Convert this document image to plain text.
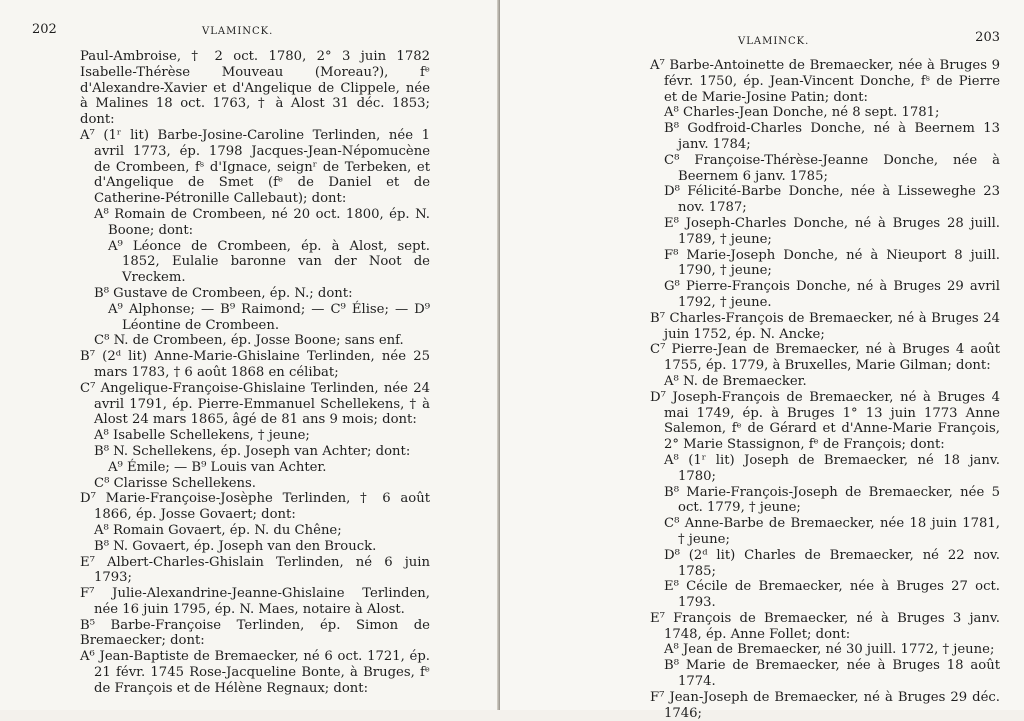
202	VLAMINCK.

Paul-Ambroise, † 2 oct. 1780, 2° 3 juin 1782 Isabelle-Thérèse Mouveau (Moreau?), fᵉ d'Alexandre-Xavier et d'Angelique de Clippele, née à Malines 18 oct. 1763, † à Alost 31 déc. 1853; dont:

A⁷ (1ʳ lit) Barbe-Josine-Caroline Terlinden, née 1 avril 1773, ép. 1798 Jacques-Jean-Népomucène de Crombeen, fˢ d'Ignace, seignʳ de Terbeken, et d'Angelique de Smet (fᵉ de Daniel et de Catherine-Pétronille Callebaut); dont:

A⁸ Romain de Crombeen, né 20 oct. 1800, ép. N. Boone; dont:

A⁹ Léonce de Crombeen, ép. à Alost, sept. 1852, Eulalie baronne van der Noot de Vreckem.

B⁸ Gustave de Crombeen, ép. N.; dont:

A⁹ Alphonse; — B⁹ Raimond; — C⁹ Élise; — D⁹ Léontine de Crombeen.

C⁸ N. de Crombeen, ép. Josse Boone; sans enf.

B⁷ (2ᵈ lit) Anne-Marie-Ghislaine Terlinden, née 25 mars 1783, † 6 août 1868 en célibat;

C⁷ Angelique-Françoise-Ghislaine Terlinden, née 24 avril 1791, ép. Pierre-Emmanuel Schellekens, † à Alost 24 mars 1865, âgé de 81 ans 9 mois; dont:

A⁸ Isabelle Schellekens, † jeune;

B⁸ N. Schellekens, ép. Joseph van Achter; dont:

A⁹ Émile; — B⁹ Louis van Achter.

C⁸ Clarisse Schellekens.

D⁷ Marie-Françoise-Josèphe Terlinden, † 6 août 1866, ép. Josse Govaert; dont:

A⁸ Romain Govaert, ép. N. du Chêne;

B⁸ N. Govaert, ép. Joseph van den Brouck.

E⁷ Albert-Charles-Ghislain Terlinden, né 6 juin 1793;

F⁷ Julie-Alexandrine-Jeanne-Ghislaine Terlinden, née 16 juin 1795, ép. N. Maes, notaire à Alost.

B⁵ Barbe-Françoise Terlinden, ép. Simon de Bremaecker; dont:

A⁶ Jean-Baptiste de Bremaecker, né 6 oct. 1721, ép. 21 févr. 1745 Rose-Jacqueline Bonte, à Bruges, fᵉ de François et de Hélène Regnaux; dont:

VLAMINCK.	203

A⁷ Barbe-Antoinette de Bremaecker, née à Bruges 9 févr. 1750, ép. Jean-Vincent Donche, fˢ de Pierre et de Marie-Josine Patin; dont:

A⁸ Charles-Jean Donche, né 8 sept. 1781;

B⁸ Godfroid-Charles Donche, né à Beernem 13 janv. 1784;

C⁸ Françoise-Thérèse-Jeanne Donche, née à Beernem 6 janv. 1785;

D⁸ Félicité-Barbe Donche, née à Lisseweghe 23 nov. 1787;

E⁸ Joseph-Charles Donche, né à Bruges 28 juill. 1789, † jeune;

F⁸ Marie-Joseph Donche, né à Nieuport 8 juill. 1790, † jeune;

G⁸ Pierre-François Donche, né à Bruges 29 avril 1792, † jeune.

B⁷ Charles-François de Bremaecker, né à Bruges 24 juin 1752, ép. N. Ancke;

C⁷ Pierre-Jean de Bremaecker, né à Bruges 4 août 1755, ép. 1779, à Bruxelles, Marie Gilman; dont:

A⁸ N. de Bremaecker.

D⁷ Joseph-François de Bremaecker, né à Bruges 4 mai 1749, ép. à Bruges 1° 13 juin 1773 Anne Salemon, fᵉ de Gérard et d'Anne-Marie François, 2° Marie Stassignon, fᵉ de François; dont:

A⁸ (1ʳ lit) Joseph de Bremaecker, né 18 janv. 1780;

B⁸ Marie-François-Joseph de Bremaecker, née 5 oct. 1779, † jeune;

C⁸ Anne-Barbe de Bremaecker, née 18 juin 1781, † jeune;

D⁸ (2ᵈ lit) Charles de Bremaecker, né 22 nov. 1785;

E⁸ Cécile de Bremaecker, née à Bruges 27 oct. 1793.

E⁷ François de Bremaecker, né à Bruges 3 janv. 1748, ép. Anne Follet; dont:

A⁸ Jean de Bremaecker, né 30 juill. 1772, † jeune;

B⁸ Marie de Bremaecker, née à Bruges 18 août 1774.

F⁷ Jean-Joseph de Bremaecker, né à Bruges 29 déc. 1746;
